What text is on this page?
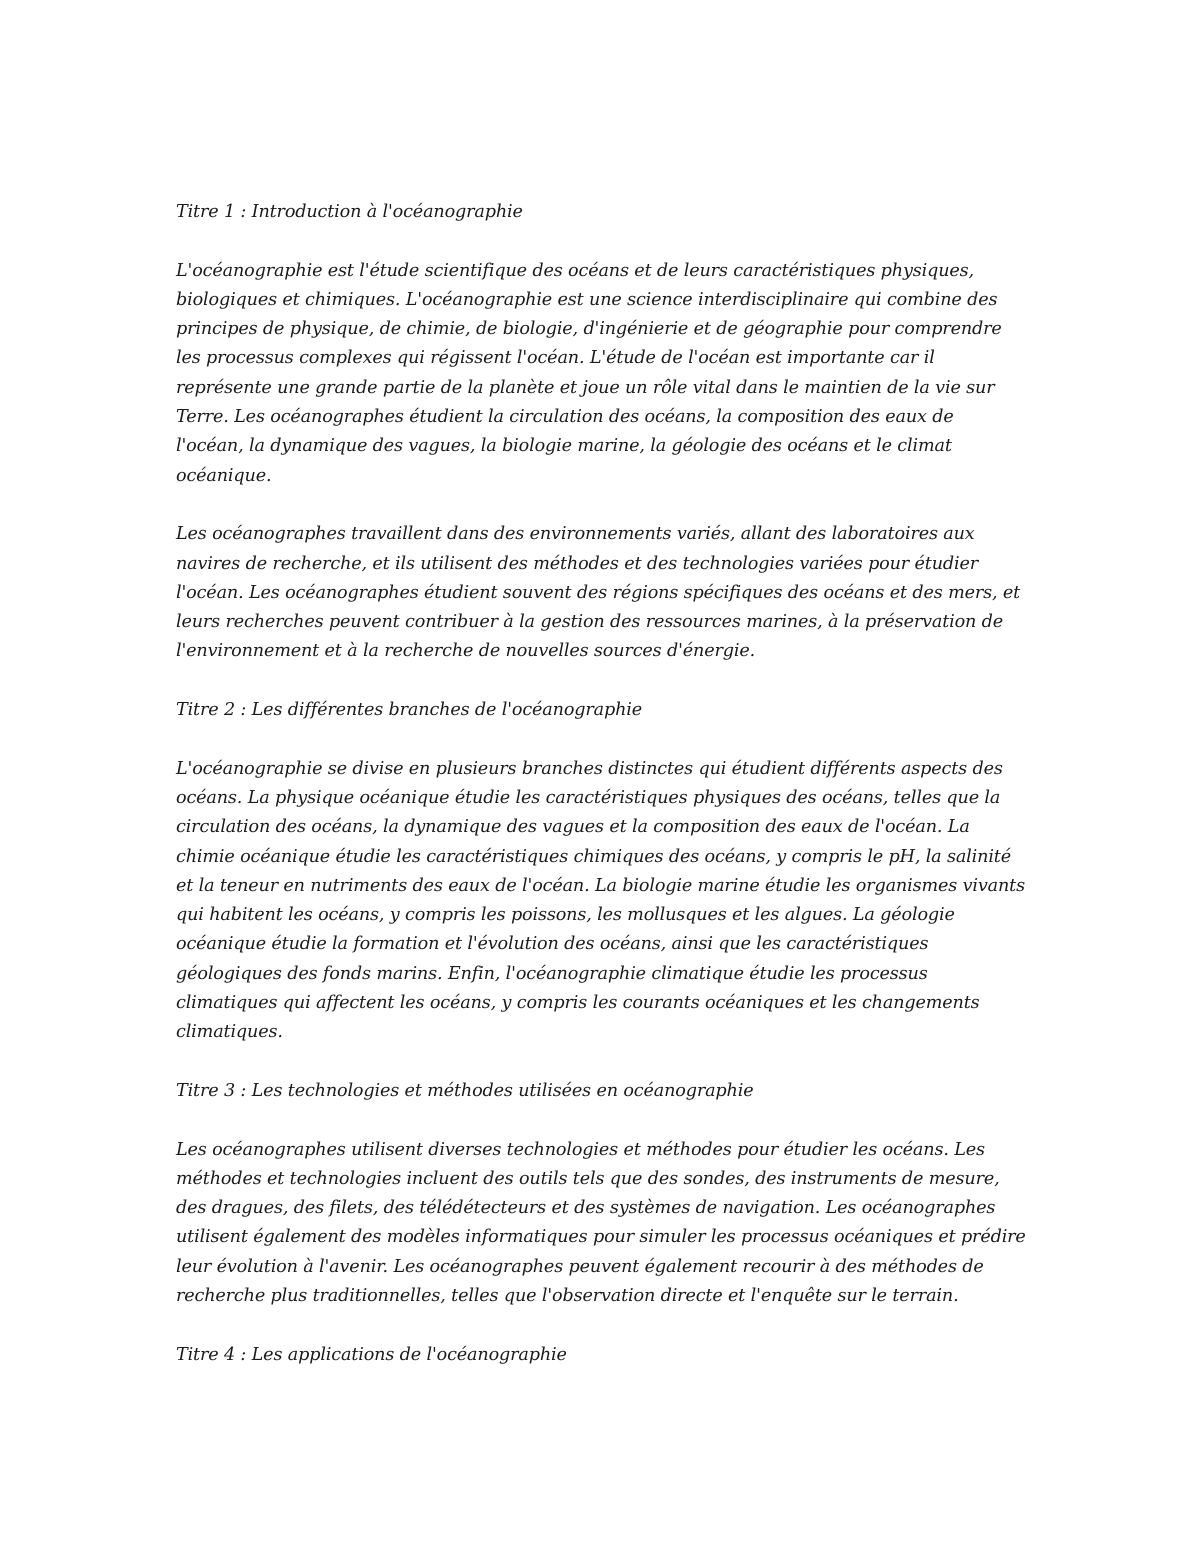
Titre 1 : Introduction à l'océanographie

L'océanographie est l'étude scientifique des océans et de leurs caractéristiques physiques, biologiques et chimiques. L'océanographie est une science interdisciplinaire qui combine des principes de physique, de chimie, de biologie, d'ingénierie et de géographie pour comprendre les processus complexes qui régissent l'océan. L'étude de l'océan est importante car il représente une grande partie de la planète et joue un rôle vital dans le maintien de la vie sur Terre. Les océanographes étudient la circulation des océans, la composition des eaux de l'océan, la dynamique des vagues, la biologie marine, la géologie des océans et le climat océanique.

Les océanographes travaillent dans des environnements variés, allant des laboratoires aux navires de recherche, et ils utilisent des méthodes et des technologies variées pour étudier l'océan. Les océanographes étudient souvent des régions spécifiques des océans et des mers, et leurs recherches peuvent contribuer à la gestion des ressources marines, à la préservation de l'environnement et à la recherche de nouvelles sources d'énergie.

Titre 2 : Les différentes branches de l'océanographie

L'océanographie se divise en plusieurs branches distinctes qui étudient différents aspects des océans. La physique océanique étudie les caractéristiques physiques des océans, telles que la circulation des océans, la dynamique des vagues et la composition des eaux de l'océan. La chimie océanique étudie les caractéristiques chimiques des océans, y compris le pH, la salinité et la teneur en nutriments des eaux de l'océan. La biologie marine étudie les organismes vivants qui habitent les océans, y compris les poissons, les mollusques et les algues. La géologie océanique étudie la formation et l'évolution des océans, ainsi que les caractéristiques géologiques des fonds marins. Enfin, l'océanographie climatique étudie les processus climatiques qui affectent les océans, y compris les courants océaniques et les changements climatiques.

Titre 3 : Les technologies et méthodes utilisées en océanographie

Les océanographes utilisent diverses technologies et méthodes pour étudier les océans. Les méthodes et technologies incluent des outils tels que des sondes, des instruments de mesure, des dragues, des filets, des télédétecteurs et des systèmes de navigation. Les océanographes utilisent également des modèles informatiques pour simuler les processus océaniques et prédire leur évolution à l'avenir. Les océanographes peuvent également recourir à des méthodes de recherche plus traditionnelles, telles que l'observation directe et l'enquête sur le terrain.

Titre 4 : Les applications de l'océanographie
